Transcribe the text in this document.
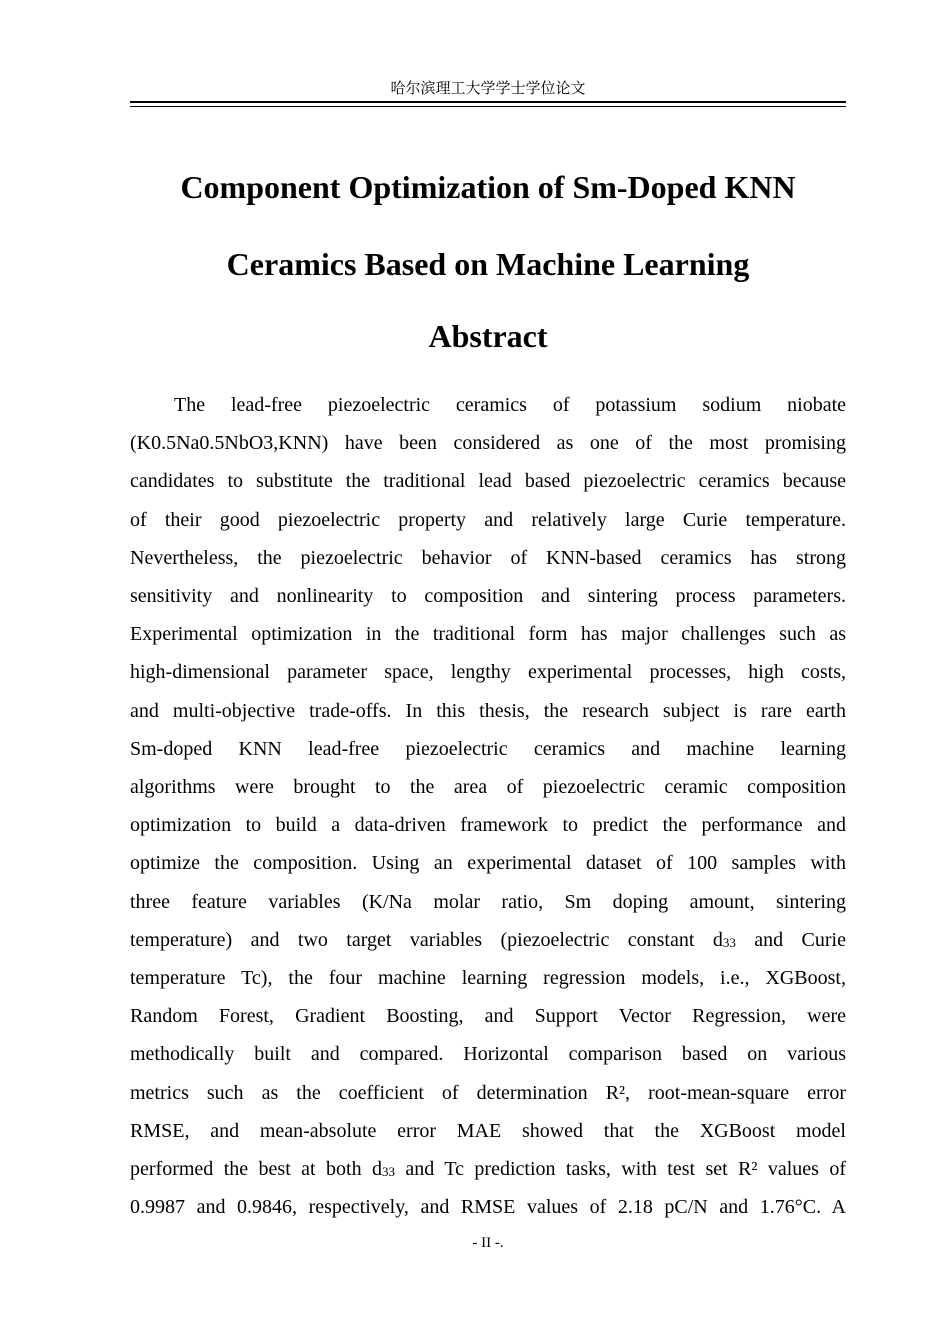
哈尔滨理工大学学士学位论文
Component Optimization of Sm-Doped KNN
Ceramics Based on Machine Learning
Abstract
The lead-free piezoelectric ceramics of potassium sodium niobate
(K0.5Na0.5NbO3,KNN) have been considered as one of the most promising
candidates to substitute the traditional lead based piezoelectric ceramics because
of their good piezoelectric property and relatively large Curie temperature.
Nevertheless, the piezoelectric behavior of KNN-based ceramics has strong
sensitivity and nonlinearity to composition and sintering process parameters.
Experimental optimization in the traditional form has major challenges such as
high-dimensional parameter space, lengthy experimental processes, high costs,
and multi-objective trade-offs. In this thesis, the research subject is rare earth
Sm-doped KNN lead-free piezoelectric ceramics and machine learning
algorithms were brought to the area of piezoelectric ceramic composition
optimization to build a data-driven framework to predict the performance and
optimize the composition. Using an experimental dataset of 100 samples with
three feature variables (K/Na molar ratio, Sm doping amount, sintering
temperature) and two target variables (piezoelectric constant $d_{33}$ and Curie
temperature Tc), the four machine learning regression models, i.e., XGBoost,
Random Forest, Gradient Boosting, and Support Vector Regression, were
methodically built and compared. Horizontal comparison based on various
metrics such as the coefficient of determination R², root-mean-square error
RMSE, and mean-absolute error MAE showed that the XGBoost model
performed the best at both $d_{33}$ and Tc prediction tasks, with test set R² values of
0.9987 and 0.9846, respectively, and RMSE values of 2.18 pC/N and 1.76°C. A
- II -.
